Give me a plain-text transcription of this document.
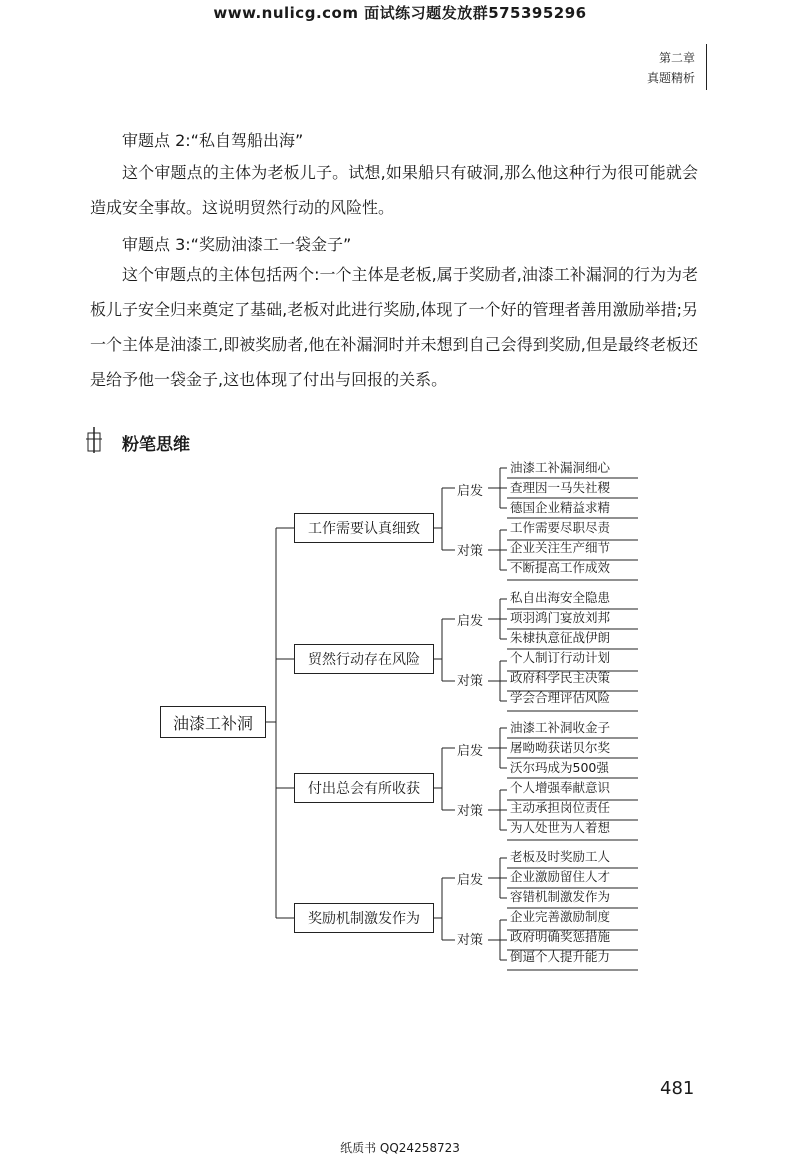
www.nulicg.com 面试练习题发放群575395296
第二章
真题精析
审题点 2:“私自驾船出海”

这个审题点的主体为老板儿子。试想,如果船只有破洞,那么他这种行为很可能就会造成安全事故。这说明贸然行动的风险性。

审题点 3:“奖励油漆工一袋金子”

这个审题点的主体包括两个:一个主体是老板,属于奖励者,油漆工补漏洞的行为为老板儿子安全归来奠定了基础,老板对此进行奖励,体现了一个好的管理者善用激励举措;另一个主体是油漆工,即被奖励者,他在补漏洞时并未想到自己会得到奖励,但是最终老板还是给予他一袋金子,这也体现了付出与回报的关系。

粉笔思维
油漆工补洞
工作需要认真细致
贸然行动存在风险
付出总会有所收获
奖励机制激发作为
启发
对策
启发
对策
启发
对策
启发
对策
油漆工补漏洞细心
查理因一马失社稷
德国企业精益求精
工作需要尽职尽责
企业关注生产细节
不断提高工作成效
私自出海安全隐患
项羽鸿门宴放刘邦
朱棣执意征战伊朗
个人制订行动计划
政府科学民主决策
学会合理评估风险
油漆工补洞收金子
屠呦呦获诺贝尔奖
沃尔玛成为500强
个人增强奉献意识
主动承担岗位责任
为人处世为人着想
老板及时奖励工人
企业激励留住人才
容错机制激发作为
企业完善激励制度
政府明确奖惩措施
倒逼个人提升能力
481
纸质书 QQ24258723
